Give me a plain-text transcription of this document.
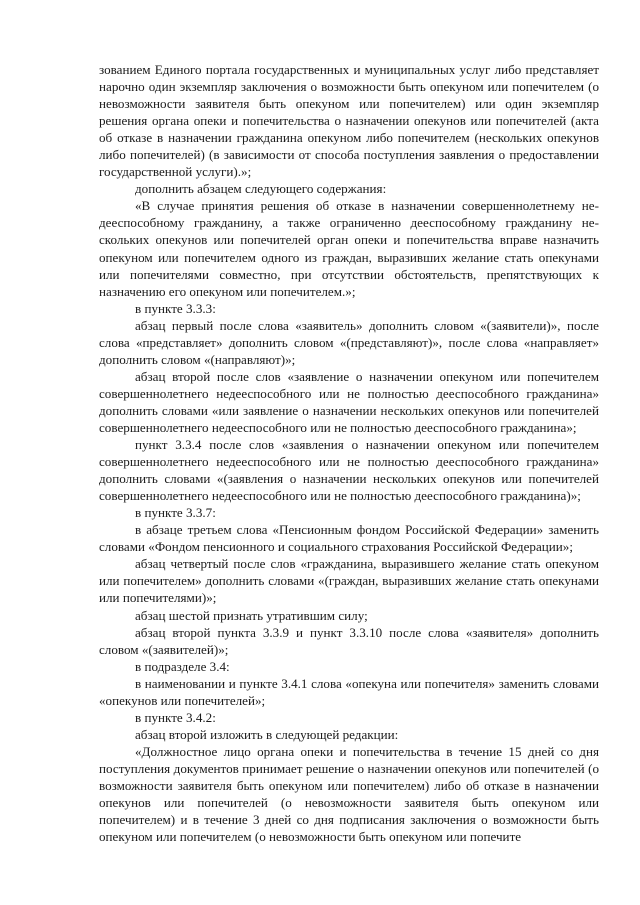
зованием Единого портала государственных и муниципальных услуг либо представляет нарочно один экземпляр заключения о возможности быть опекуном или попечителем (о невозможности заявителя быть опекуном или попечителем) или один экземпляр решения органа опеки и попечительства о назначении опекунов или попечителей (акта об отказе в назначении гражданина опекуном либо попечителем (нескольких опекунов либо попечителей) (в зависимости от способа поступления заявления о предоставлении государственной услуги).»;

дополнить абзацем следующего содержания:

«В случае принятия решения об отказе в назначении совершеннолетнему недееспособному гражданину, а также ограниченно дееспособному гражданину нескольких опекунов или попечителей орган опеки и попечительства вправе назначить опекуном или попечителем одного из граждан, выразивших желание стать опекунами или попечителями совместно, при отсутствии обстоятельств, препятствующих к назначению его опекуном или попечителем.»;

в пункте 3.3.3:

абзац первый после слова «заявитель» дополнить словом «(заявители)», после слова «представляет» дополнить словом «(представляют)», после слова «направляет» дополнить словом «(направляют)»;

абзац второй после слов «заявление о назначении опекуном или попечителем совершеннолетнего недееспособного или не полностью дееспособного гражданина» дополнить словами «или заявление о назначении нескольких опекунов или попечителей совершеннолетнего недееспособного или не полностью дееспособного гражданина»;

пункт 3.3.4 после слов «заявления о назначении опекуном или попечителем совершеннолетнего недееспособного или не полностью дееспособного гражданина» дополнить словами «(заявления о назначении нескольких опекунов или попечителей совершеннолетнего недееспособного или не полностью дееспособного гражданина)»;

в пункте 3.3.7:

в абзаце третьем слова «Пенсионным фондом Российской Федерации» заменить словами «Фондом пенсионного и социального страхования Российской Федерации»;

абзац четвертый после слов «гражданина, выразившего желание стать опекуном или попечителем» дополнить словами «(граждан, выразивших желание стать опекунами или попечителями)»;

абзац шестой признать утратившим силу;

абзац второй пункта 3.3.9 и пункт 3.3.10 после слова «заявителя» дополнить словом «(заявителей)»;

в подразделе 3.4:

в наименовании и пункте 3.4.1 слова «опекуна или попечителя» заменить словами «опекунов или попечителей»;

в пункте 3.4.2:

абзац второй изложить в следующей редакции:

«Должностное лицо органа опеки и попечительства в течение 15 дней со дня поступления документов принимает решение о назначении опекунов или попечителей (о возможности заявителя быть опекуном или попечителем) либо об отказе в назначении опекунов или попечителей (о невозможности заявителя быть опекуном или попечителем) и в течение 3 дней со дня подписания заключения о возможности быть опекуном или попечителем (о невозможности быть опекуном или попечите
